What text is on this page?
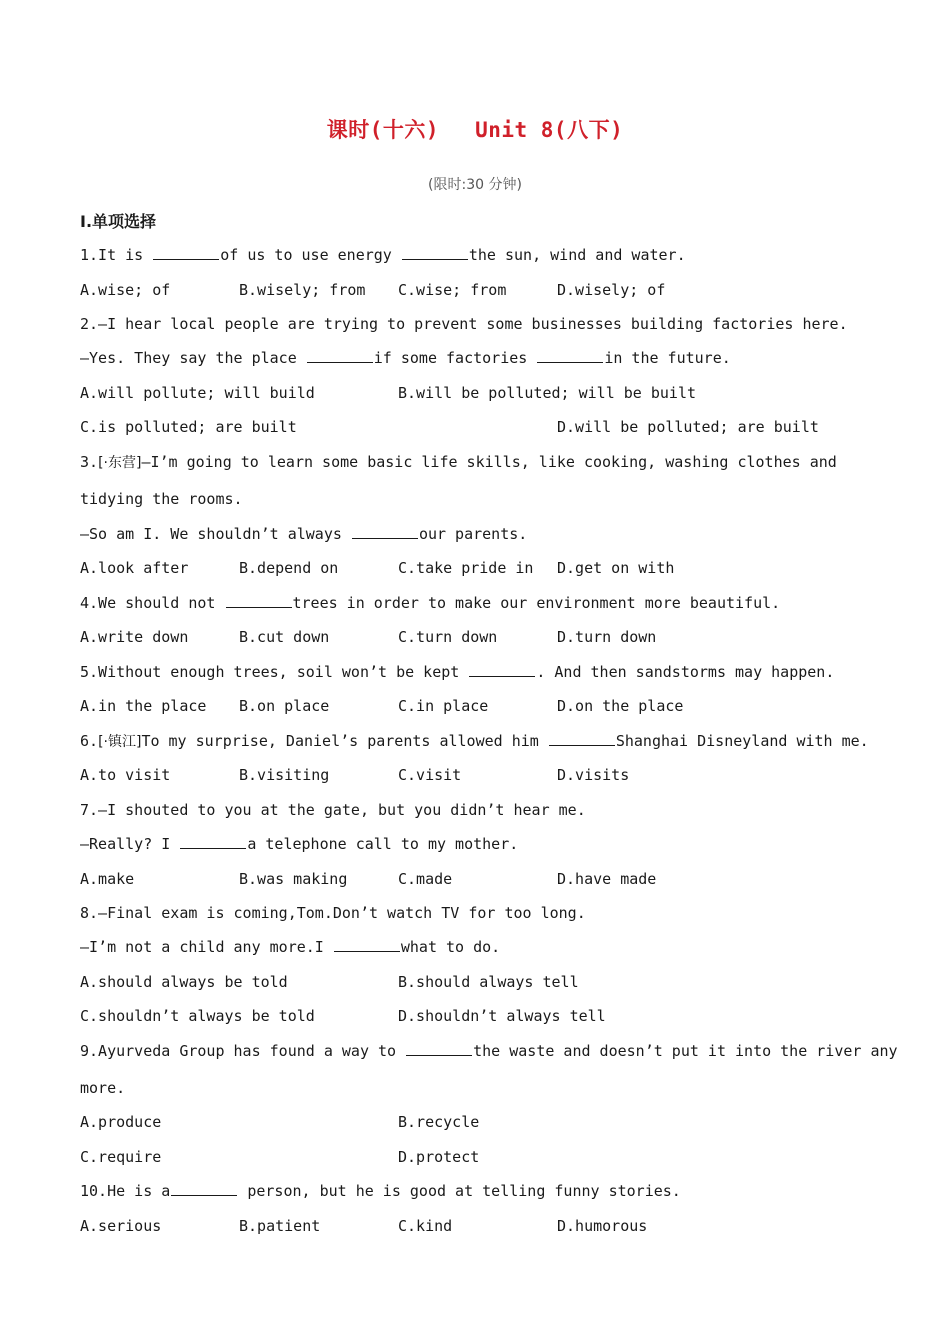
课时(十六) Unit 8(八下)
(限时:30 分钟)
Ⅰ.单项选择
1.It is	of us to use energy	the sun, wind and water.
A.wise; of	B.wisely; from C.wise; from	D.wisely; of
2.—I hear local people are trying to prevent some businesses building factories here.
—Yes. They say the place	if some factories	in the future.
A.will pollute; will build	B.will be polluted; will be built
C.is polluted; are built	D.will be polluted; are built
3.[·东营]—I’m going to learn some basic life skills, like cooking, washing clothes and
tidying the rooms.
—So am I. We shouldn’t always	our parents.
A.look after	B.depend on	C.take pride in D.get on with
4.We should not	trees in order to make our environment more beautiful.
A.write down	B.cut down	C.turn down	D.turn down
5.Without enough trees, soil won’t be kept	. And then sandstorms may happen.
A.in the place B.on place	C.in place	D.on the place
6.[·镇江]To my surprise, Daniel’s parents allowed him	Shanghai Disneyland with me.
A.to visit	B.visiting	C.visit	D.visits
7.—I shouted to you at the gate, but you didn’t hear me.
—Really? I	a telephone call to my mother.
A.make	B.was making	C.made	D.have made
8.—Final exam is coming,Tom.Don’t watch TV for too long.
—I’m not a child any more.I	what to do.
A.should always be told	B.should always tell
C.shouldn’t always be told	D.shouldn’t always tell
9.Ayurveda Group has found a way to	the waste and doesn’t put it into the river any
more.
A.produce	B.recycle
C.require	D.protect
10.He is a	person, but he is good at telling funny stories.
A.serious	B.patient	C.kind	D.humorous
